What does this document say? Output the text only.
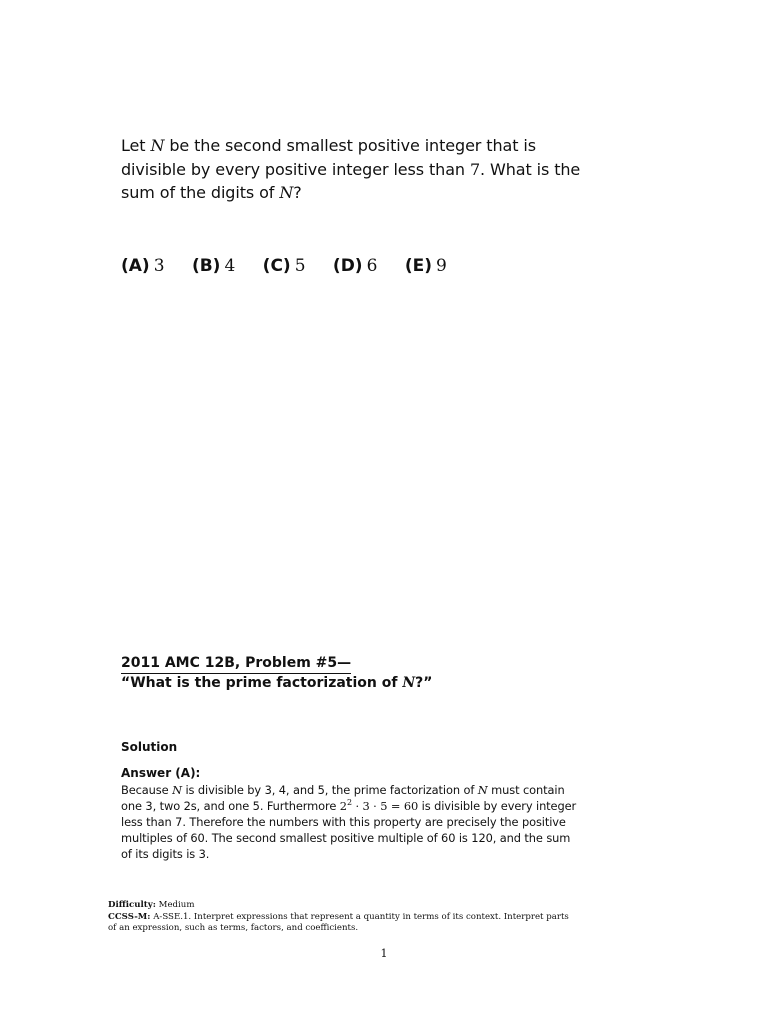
Let N be the second smallest positive integer that is divisible by every positive integer less than 7. What is the sum of the digits of N?
(A) 3 (B) 4 (C) 5 (D) 6 (E) 9
2011 AMC 12B, Problem #5—
“What is the prime factorization of N?”
Solution
Answer (A):
Because N is divisible by 3, 4, and 5, the prime factorization of N must contain one 3, two 2s, and one 5. Furthermore $2^2 \cdot 3 \cdot 5 = 60$ is divisible by every integer less than 7. Therefore the numbers with this property are precisely the positive multiples of 60. The second smallest positive multiple of 60 is 120, and the sum of its digits is 3.
Difficulty: Medium
CCSS-M: A-SSE.1. Interpret expressions that represent a quantity in terms of its context. Interpret parts of an expression, such as terms, factors, and coefficients.
1
